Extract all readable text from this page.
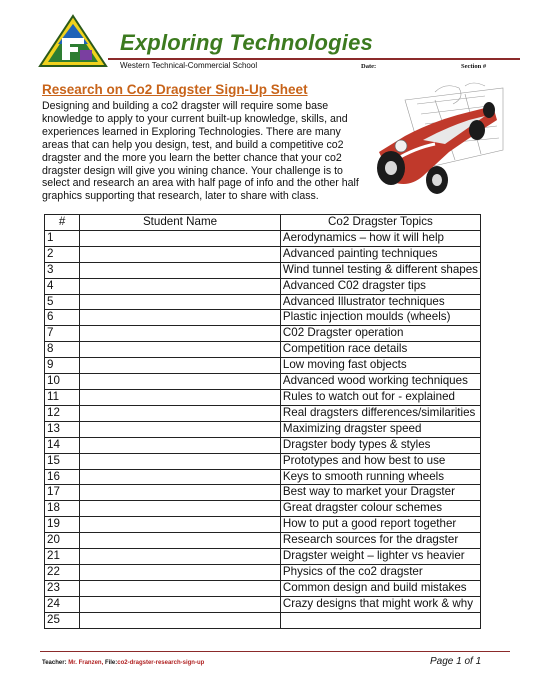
Exploring Technologies
Western Technical-Commercial School	Date:	Section #
Research on Co2 Dragster Sign-Up Sheet
Designing and building a co2 dragster will require some base knowledge to apply to your current built-up knowledge, skills, and experiences learned in Exploring Technologies. There are many areas that can help you design, test, and build a competitive co2 dragster and the more you learn the better chance that your co2 dragster design will give you wining chance. Your challenge is to select and research an area with half page of info and the other half graphics supporting that research, later to share with class.
#	Student Name	Co2 Dragster Topics
1		Aerodynamics – how it will help
2		Advanced painting techniques
3		Wind tunnel testing & different shapes
4		Advanced C02 dragster tips
5		Advanced Illustrator techniques
6		Plastic injection moulds (wheels)
7		C02 Dragster operation
8		Competition race details
9		Low moving fast objects
10		Advanced wood working techniques
11		Rules to watch out for - explained
12		Real dragsters differences/similarities
13		Maximizing dragster speed
14		Dragster body types & styles
15		Prototypes and how best to use
16		Keys to smooth running wheels
17		Best way to market your Dragster
18		Great dragster colour schemes
19		How to put a good report together
20		Research sources for the dragster
21		Dragster weight – lighter vs heavier
22		Physics of the co2 dragster
23		Common design and build mistakes
24		Crazy designs that might work & why
25		
Teacher: Mr. Franzen, File:co2-dragster-research-sign-up	Page 1 of 1
